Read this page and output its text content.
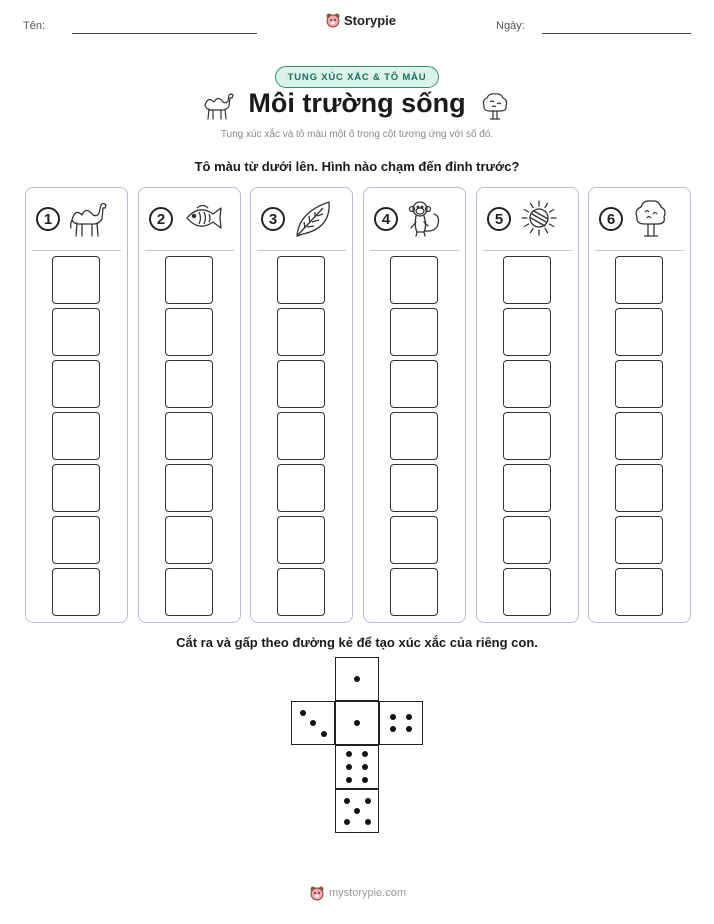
Tên:	Storypie	Ngày:
TUNG XÚC XẮC & TÔ MÀU
Môi trường sống
Tung xúc xắc và tô màu một ô trong cột tương ứng với số đó.
Tô màu từ dưới lên. Hình nào chạm đến đỉnh trước?
1	2	3	4	5	6
Cắt ra và gấp theo đường kẻ để tạo xúc xắc của riêng con.
mystorypie.com
